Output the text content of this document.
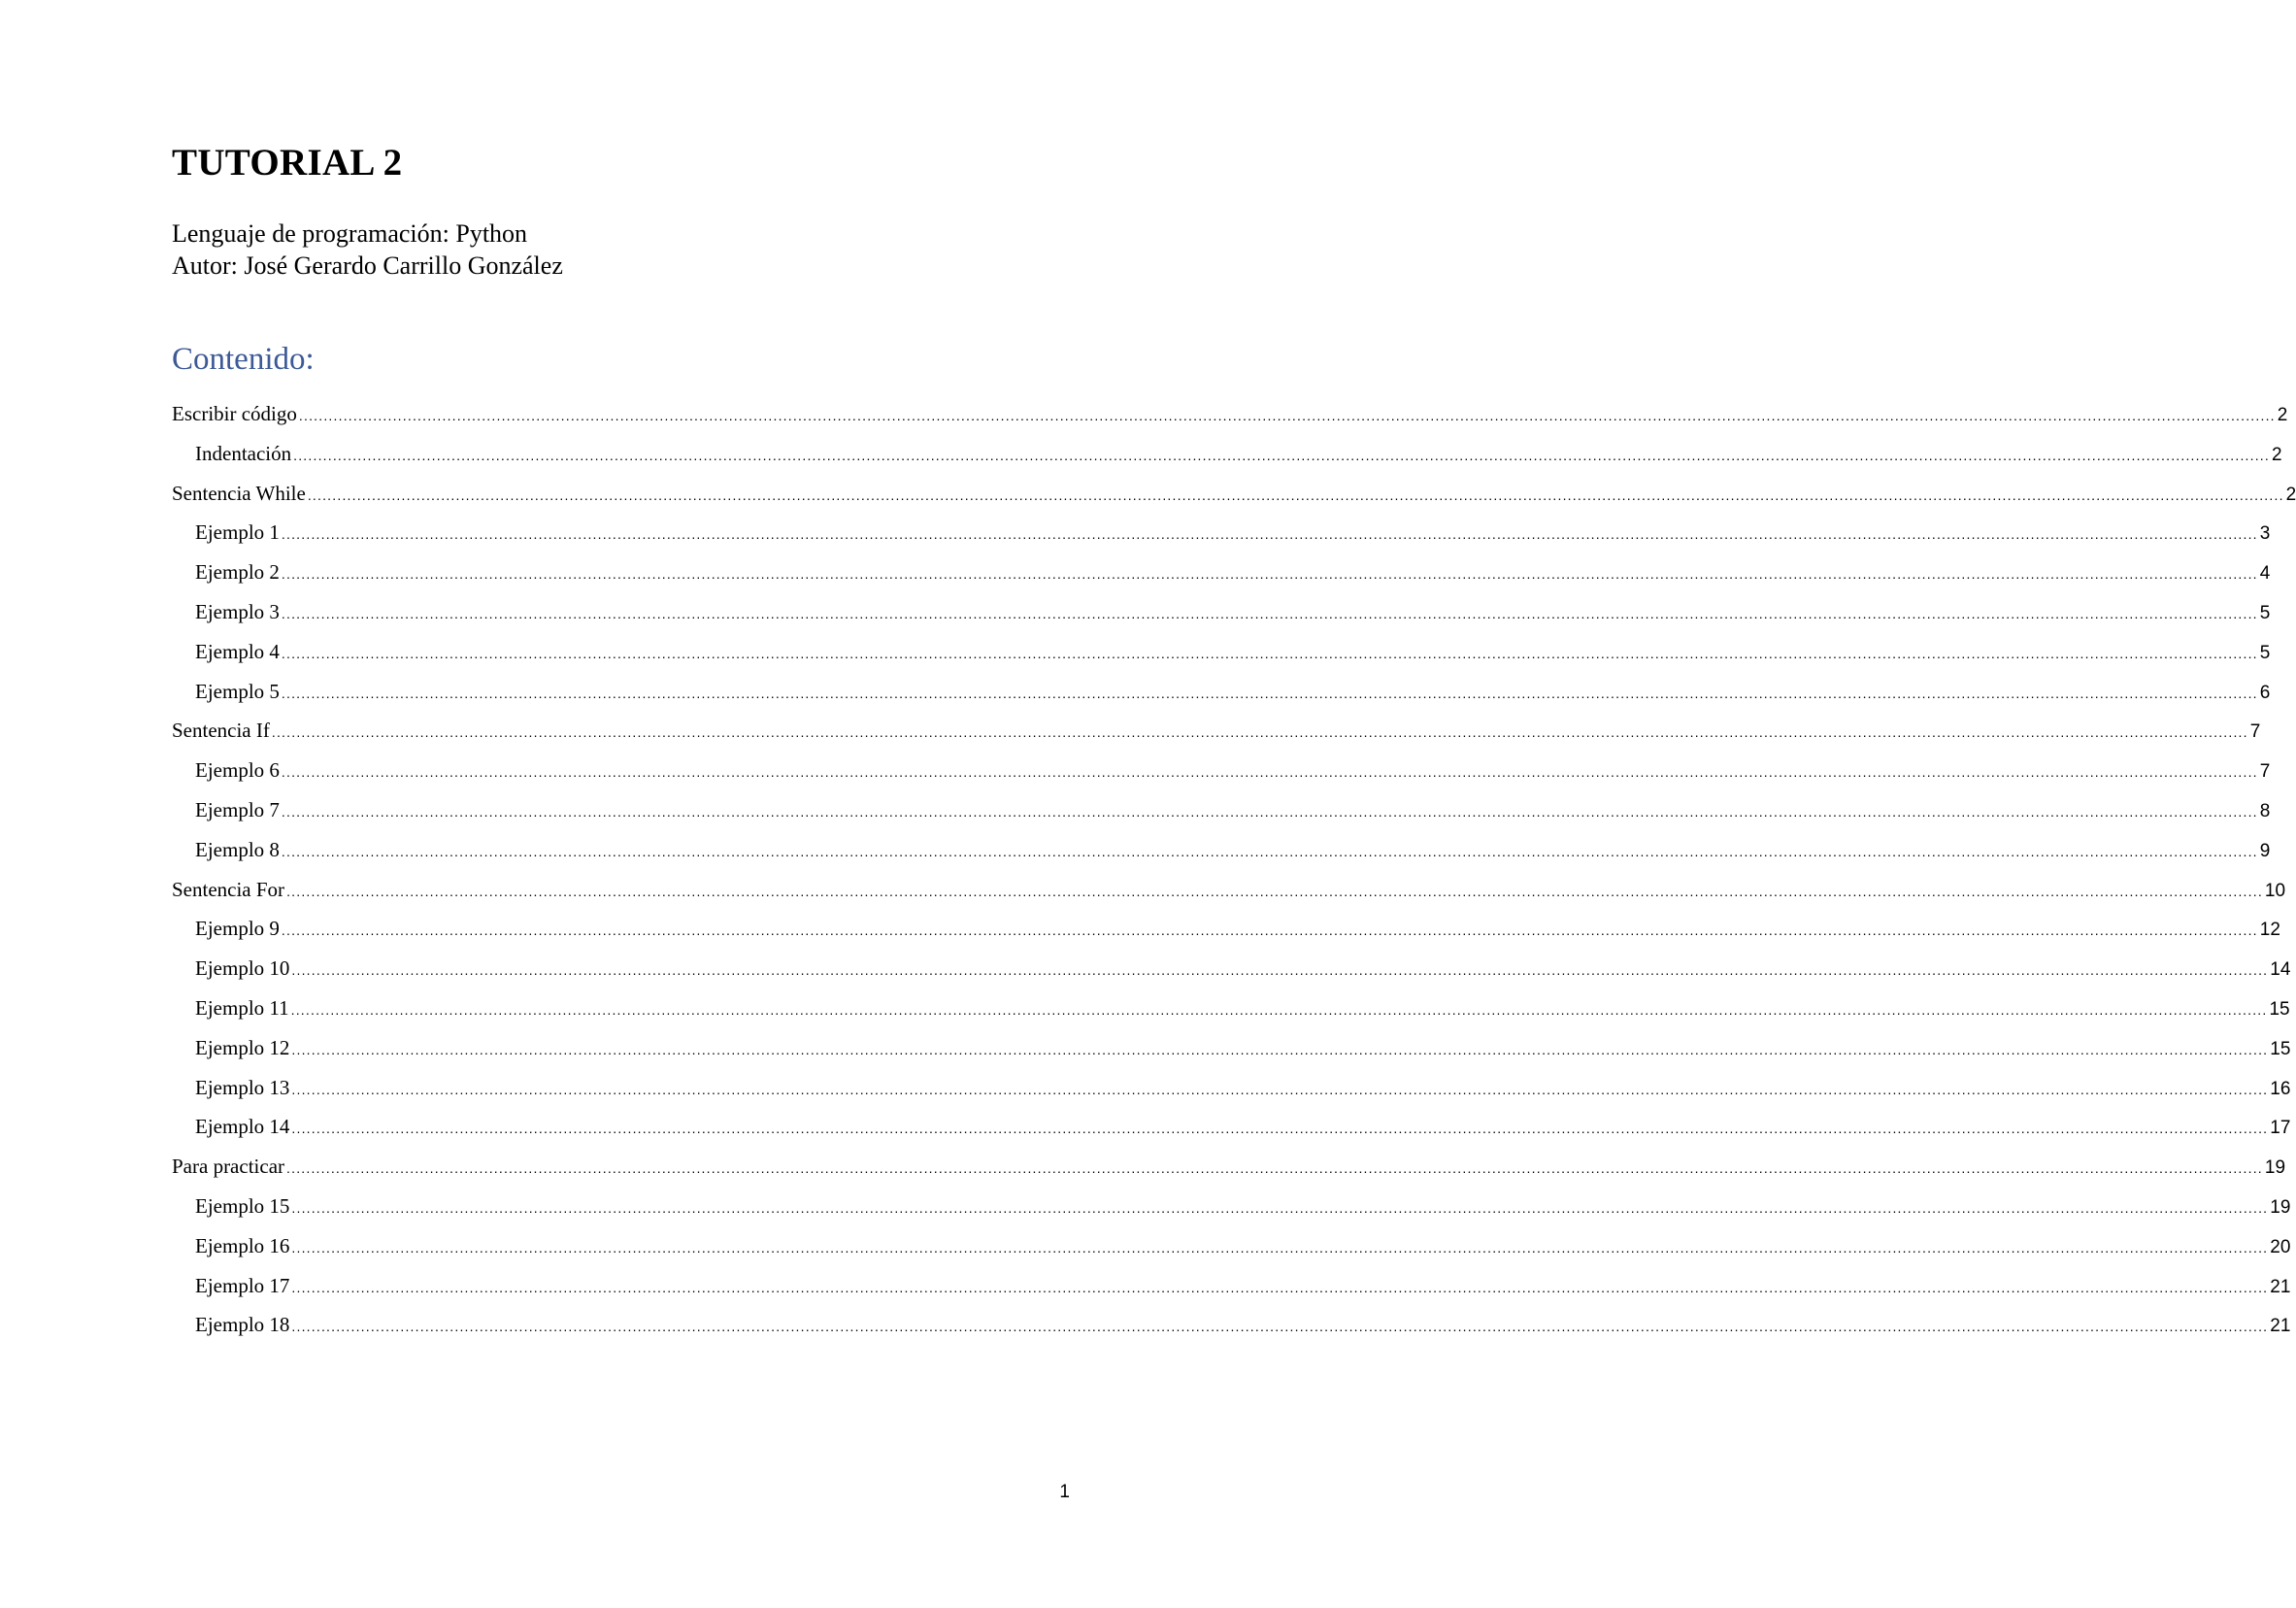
TUTORIAL 2
Lenguaje de programación: Python
Autor: José Gerardo Carrillo González
Contenido:
Escribir código ................................................................................................................................................................................................................................................................................................................................................................................................................ 2
Indentación ................................................................................................................................................................................................................................................................................................................................................................................................................ 2
Sentencia While ................................................................................................................................................................................................................................................................................................................................................................................................................ 2
Ejemplo 1 ................................................................................................................................................................................................................................................................................................................................................................................................................ 3
Ejemplo 2 ................................................................................................................................................................................................................................................................................................................................................................................................................ 4
Ejemplo 3 ................................................................................................................................................................................................................................................................................................................................................................................................................ 5
Ejemplo 4 ................................................................................................................................................................................................................................................................................................................................................................................................................ 5
Ejemplo 5 ................................................................................................................................................................................................................................................................................................................................................................................................................ 6
Sentencia If ................................................................................................................................................................................................................................................................................................................................................................................................................ 7
Ejemplo 6 ................................................................................................................................................................................................................................................................................................................................................................................................................ 7
Ejemplo 7 ................................................................................................................................................................................................................................................................................................................................................................................................................ 8
Ejemplo 8 ................................................................................................................................................................................................................................................................................................................................................................................................................ 9
Sentencia For ................................................................................................................................................................................................................................................................................................................................................................................................................ 10
Ejemplo 9 ................................................................................................................................................................................................................................................................................................................................................................................................................ 12
Ejemplo 10 ................................................................................................................................................................................................................................................................................................................................................................................................................ 14
Ejemplo 11 ................................................................................................................................................................................................................................................................................................................................................................................................................ 15
Ejemplo 12 ................................................................................................................................................................................................................................................................................................................................................................................................................ 15
Ejemplo 13 ................................................................................................................................................................................................................................................................................................................................................................................................................ 16
Ejemplo 14 ................................................................................................................................................................................................................................................................................................................................................................................................................ 17
Para practicar ................................................................................................................................................................................................................................................................................................................................................................................................................ 19
Ejemplo 15 ................................................................................................................................................................................................................................................................................................................................................................................................................ 19
Ejemplo 16 ................................................................................................................................................................................................................................................................................................................................................................................................................ 20
Ejemplo 17 ................................................................................................................................................................................................................................................................................................................................................................................................................ 21
Ejemplo 18 ................................................................................................................................................................................................................................................................................................................................................................................................................ 21
1
